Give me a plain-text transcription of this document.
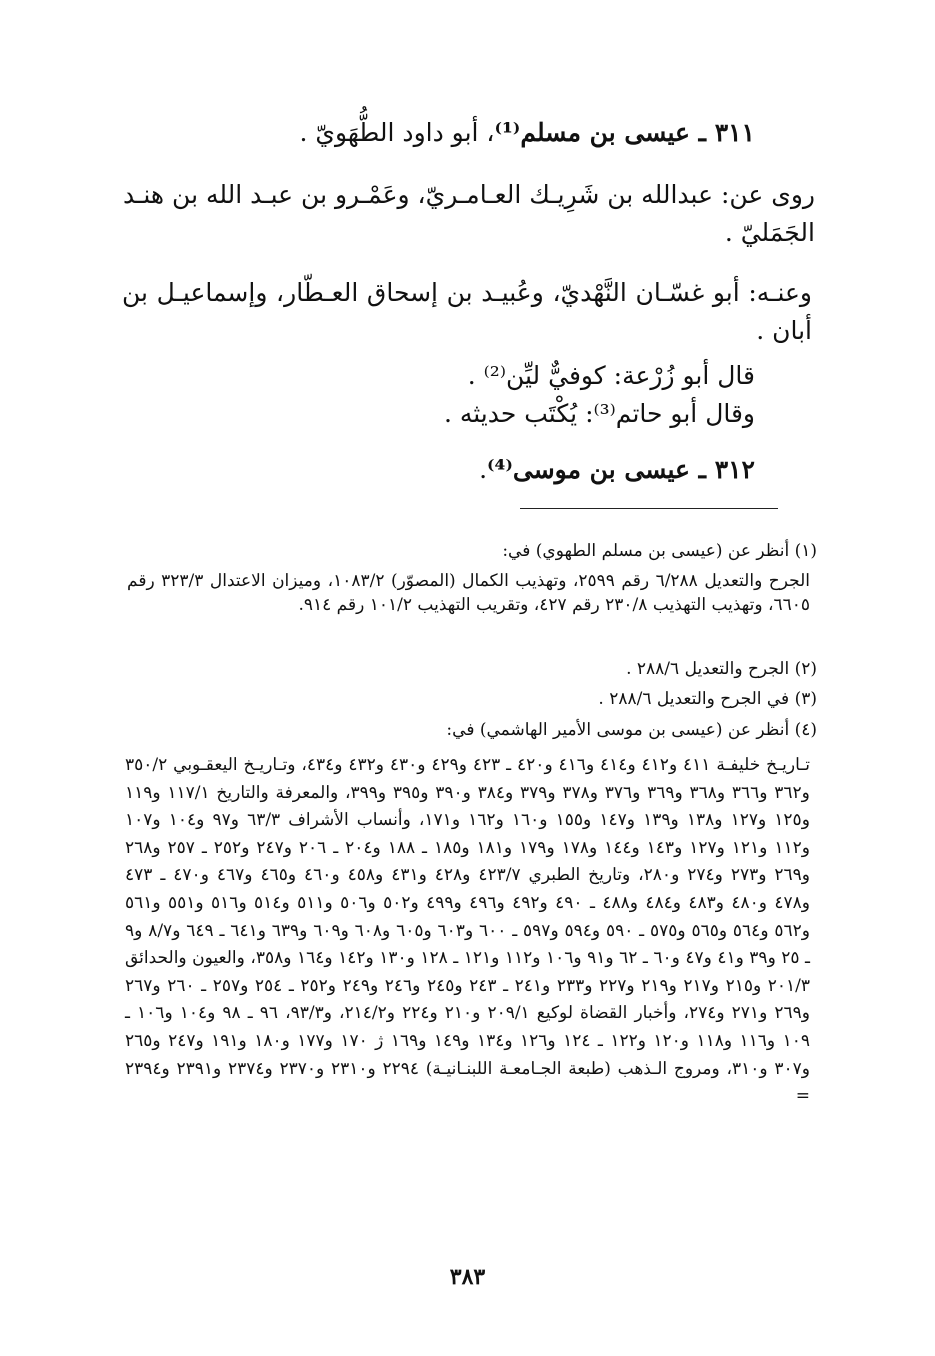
٣١١ ـ عيسى بن مسلم⁽¹⁾، أبو داود الطُّهَويّ .
روى عن: عبدالله بن شَرِيـك العـامـريّ، وعَمْـرو بن عبـد الله بن هنـد
الجَمَليّ .
وعنـه: أبو غسّـان النَّهْديّ، وعُبيـد بن إسحاق العـطّار، وإسماعيـل بن
أبان .
قال أبو زُرْعة: كوفيٌّ ليِّن⁽²⁾ .
وقال أبو حاتم⁽³⁾: يُكْتَب حديثه .
٣١٢ ـ عيسى بن موسى⁽⁴⁾.
(١) أنظر عن (عيسى بن مسلم الطهوي) في:
الجرح والتعديل ٦/٢٨٨ رقم ٢٥٩٩، وتهذيب الكمال (المصوّر) ١٠٨٣/٢، وميزان الاعتدال ٣٢٣/٣ رقم ٦٦٠٥، وتهذيب التهذيب ٢٣٠/٨ رقم ٤٢٧، وتقريب التهذيب ١٠١/٢ رقم ٩١٤.
(٢) الجرح والتعديل ٢٨٨/٦ .
(٣) في الجرح والتعديل ٢٨٨/٦ .
(٤) أنظر عن (عيسى بن موسى الأمير الهاشمي) في:
تـاريـخ خليفـة ٤١١ و٤١٢ و٤١٤ و٤١٦ و٤٢٠ ـ ٤٢٣ و٤٢٩ و٤٣٠ و٤٣٢ و٤٣٤، وتـاريـخ اليعقـوبي ٣٥٠/٢ و٣٦٢ و٣٦٦ و٣٦٨ و٣٦٩ و٣٧٦ و٣٧٨ و٣٧٩ و٣٨٤ و٣٩٠ و٣٩٥ و٣٩٩، والمعرفة والتاريخ ١١٧/١ و١١٩ و١٢٥ و١٢٧ و١٣٨ و١٣٩ و١٤٧ و١٥٥ و١٦٠ و١٦٢ و١٧١، وأنساب الأشراف ٦٣/٣ و٩٧ و١٠٤ و١٠٧ و١١٢ و١٢١ و١٢٧ و١٤٣ و١٤٤ و١٧٨ و١٧٩ و١٨١ و١٨٥ ـ ١٨٨ و٢٠٤ ـ ٢٠٦ و٢٤٧ و٢٥٢ ـ ٢٥٧ و٢٦٨ و٢٦٩ و٢٧٣ و٢٧٤ و٢٨٠، وتاريخ الطبري ٤٢٣/٧ و٤٢٨ و٤٣١ و٤٥٨ و٤٦٠ و٤٦٥ و٤٦٧ و٤٧٠ ـ ٤٧٣ و٤٧٨ و٤٨٠ و٤٨٣ و٤٨٤ و٤٨٨ ـ ٤٩٠ و٤٩٢ و٤٩٦ و٤٩٩ و٥٠٢ و٥٠٦ و٥١١ و٥١٤ و٥١٦ و٥٥١ و٥٦١ و٥٦٢ و٥٦٤ و٥٦٥ و٥٧٥ ـ ٥٩٠ و٥٩٤ و٥٩٧ ـ ٦٠٠ و٦٠٣ و٦٠٥ و٦٠٨ و٦٠٩ و٦٣٩ و٦٤١ ـ ٦٤٩ و٨/٧ و٩ ـ ٢٥ و٣٩ و٤١ و٤٧ و٦٠ ـ ٦٢ و٩١ و١٠٦ و١١٢ و١٢١ ـ ١٢٨ و١٣٠ و١٤٢ و١٦٤ و٣٥٨، والعيون والحدائق ٢٠١/٣ و٢١٥ و٢١٧ و٢١٩ و٢٢٧ و٢٣٣ و٢٤١ ـ ٢٤٣ و٢٤٥ و٢٤٦ و٢٤٩ و٢٥٢ ـ ٢٥٤ و٢٥٧ ـ ٢٦٠ و٢٦٧ و٢٦٩ و٢٧١ و٢٧٤، وأخبار القضاة لوكيع ٢٠٩/١ و٢١٠ و٢٢٤ و٢١٤/٢، و٩٣/٣، ٩٦ ـ ٩٨ و١٠٤ و١٠٦ ـ ١٠٩ و١١٦ و١١٨ و١٢٠ و١٢٢ ـ ١٢٤ و١٢٦ و١٣٤ و١٤٩ و١٦٩ ژ ١٧٠ و١٧٧ و١٨٠ و١٩١ و٢٤٧ و٢٦٥ و٣٠٧ و٣١٠، ومروج الـذهب (طبعة الجـامعـة اللبنـانيـة) ٢٢٩٤ و٢٣١٠ و٢٣٧٠ و٢٣٧٤ و٢٣٩١ و٢٣٩٤ =
٣٨٣
